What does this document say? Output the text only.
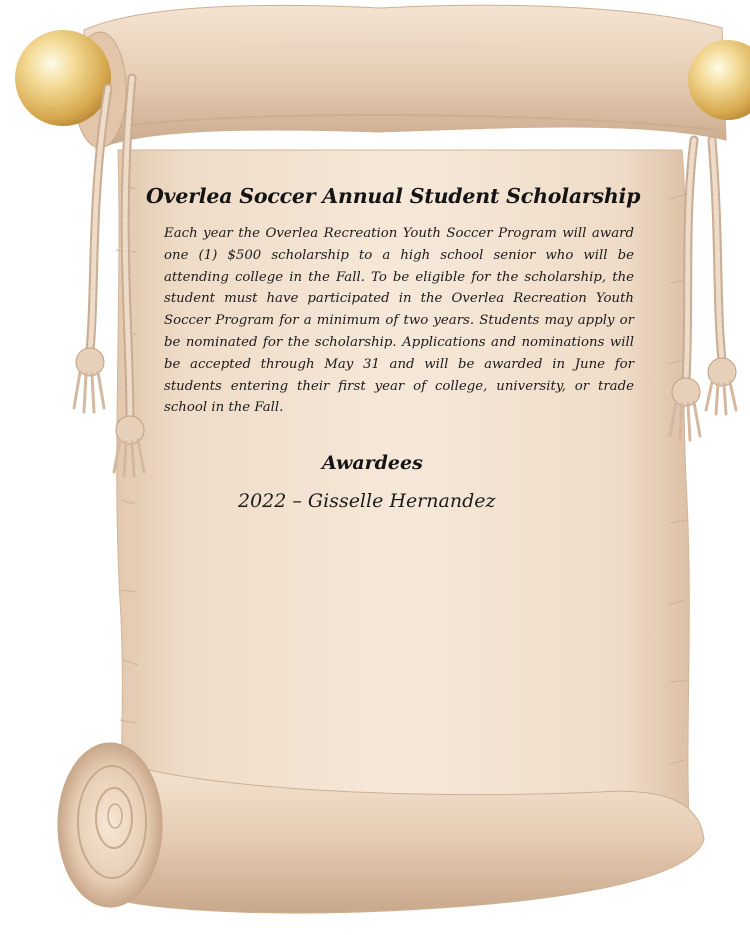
Overlea Soccer Annual Student Scholarship

Each year the Overlea Recreation Youth Soccer Program will award one (1) $500 scholarship to a high school senior who will be attending college in the Fall. To be eligible for the scholarship, the student must have participated in the Overlea Recreation Youth Soccer Program for a minimum of two years. Students may apply or be nominated for the scholarship. Applications and nominations will be accepted through May 31 and will be awarded in June for students entering their first year of college, university, or trade school in the Fall.

Awardees

2022 – Gisselle Hernandez
